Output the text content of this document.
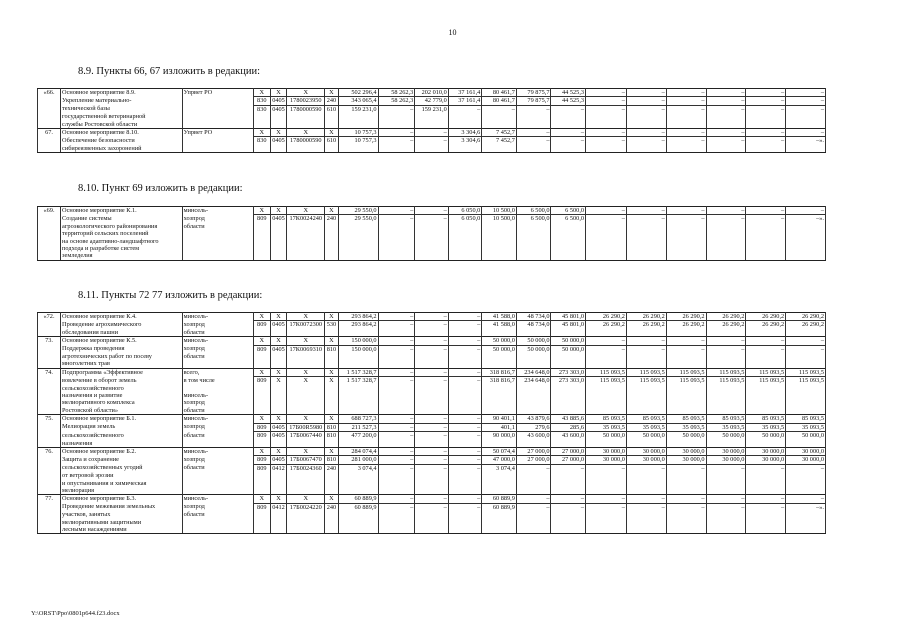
10
8.9. Пункты 66, 67 изложить в редакции:
«66.	Основное мероприятие 8.9.	Упрвет РО	Х	Х	Х	Х	502 296,4	58 262,3	202 010,0	37 161,4	80 461,7	79 875,7	44 525,3	–	–	–	–	–	–
	Укрепление материально-		830	0405	1780023950	240	343 065,4	58 262,3	42 779,0	37 161,4	80 461,7	79 875,7	44 525,3	–	–	–	–	–	–
	технической базы		830	0405	1780000590	610	159 231,0	–	159 231,0	–	–	–	–	–	–	–	–	–	–
	государственной ветеринарной																		
	службы Ростовской области																		
67.	Основное мероприятие 8.10.	Упрвет РО	Х	Х	Х	Х	10 757,3	–	–	3 304,6	7 452,7	–	–	–	–	–	–	–	–
	Обеспечение безопасности		830	0405	1780000590	610	10 757,3	–	–	3 304,6	7 452,7	–	–	–	–	–	–	–	–».
	сибиреязвенных захоронений																		
8.10. Пункт 69 изложить в редакции:
«69.	Основное мероприятие К.1.	минсель-	Х	Х	Х	Х	29 550,0	–	–	6 050,0	10 500,0	6 500,0	6 500,0	–	–	–	–	–	–
	Создание системы	хозпрод	809	0405	17К0024240	240	29 550,0	–	–	6 050,0	10 500,0	6 500,0	6 500,0	–	–	–	–	–	–».
	агроэкологического районирования	области																	
	территорий сельских поселений																		
	на основе адаптивно-ландшафтного																		
	подхода и разработке систем																		
	земледелия																		
8.11. Пункты 72 77 изложить в редакции:
«72.	Основное мероприятие К.4.	минсель-	Х	Х	Х	Х	293 864,2	–	–	–	41 588,0	48 734,0	45 801,0	26 290,2	26 290,2	26 290,2	26 290,2	26 290,2	26 290,2
	Проведение агрохимического	хозпрод	809	0405	17К0072300	530	293 864,2	–	–	–	41 588,0	48 734,0	45 801,0	26 290,2	26 290,2	26 290,2	26 290,2	26 290,2	26 290,2
	обследования пашни	области																	
73.	Основное мероприятие К.5.	минсель-	Х	Х	Х	Х	150 000,0	–	–	–	50 000,0	50 000,0	50 000,0	–	–	–	–	–	–
	Поддержка проведения	хозпрод	809	0405	17К0069310	810	150 000,0	–	–	–	50 000,0	50 000,0	50 000,0	–	–	–	–	–	–
	агротехнических работ по посеву	области																	
	многолетних трав																		
74.	Подпрограмма «Эффективное	всего,	Х	Х	Х	Х	1 517 328,7	–	–	–	318 816,7	234 648,0	273 303,0	115 093,5	115 093,5	115 093,5	115 093,5	115 093,5	115 093,5
	вовлечение в оборот земель	в том числе	809	Х	Х	Х	1 517 328,7	–	–	–	318 816,7	234 648,0	273 303,0	115 093,5	115 093,5	115 093,5	115 093,5	115 093,5	115 093,5
	сельскохозяйственного																		
	назначения и развитие	минсель-																	
	мелиоративного комплекса	хозпрод																	
	Ростовской области»	области																	
75.	Основное мероприятие Б.1.	минсель-	Х	Х	Х	Х	688 727,3	–	–	–	90 401,1	43 879,6	43 885,6	85 093,5	85 093,5	85 093,5	85 093,5	85 093,5	85 093,5
	Мелиорация земель	хозпрод	809	0405	17Б00R5980	810	211 527,3	–	–	–	401,1	279,6	285,6	35 093,5	35 093,5	35 093,5	35 093,5	35 093,5	35 093,5
	сельскохозяйственного	области	809	0405	17Б0067440	810	477 200,0	–	–	–	90 000,0	43 600,0	43 600,0	50 000,0	50 000,0	50 000,0	50 000,0	50 000,0	50 000,0
	назначения																		
76.	Основное мероприятие Б.2.	минсель-	Х	Х	Х	Х	284 074,4	–	–	–	50 074,4	27 000,0	27 000,0	30 000,0	30 000,0	30 000,0	30 000,0	30 000,0	30 000,0
	Защита и сохранение	хозпрод	809	0405	17Б0067470	810	281 000,0	–	–	–	47 000,0	27 000,0	27 000,0	30 000,0	30 000,0	30 000,0	30 000,0	30 000,0	30 000,0
	сельскохозяйственных угодий	области	809	0412	17Б0024360	240	3 074,4	–	–	–	3 074,4	–	–	–	–	–	–	–	–
	от ветровой эрозии																		
	и опустынивания и химическая																		
	мелиорация																		
77.	Основное мероприятие Б.3.	минсель-	Х	Х	Х	Х	60 889,9	–	–	–	60 889,9	–	–	–	–	–	–	–	–
	Проведение межевания земельных	хозпрод	809	0412	17Б0024220	240	60 889,9	–	–	–	60 889,9	–	–	–	–	–	–	–	–».
	участков, занятых	области																	
	мелиоративными защитными																		
	лесными насаждениями																		
Y:\ORST\Ppo\0801p644.f23.docx
